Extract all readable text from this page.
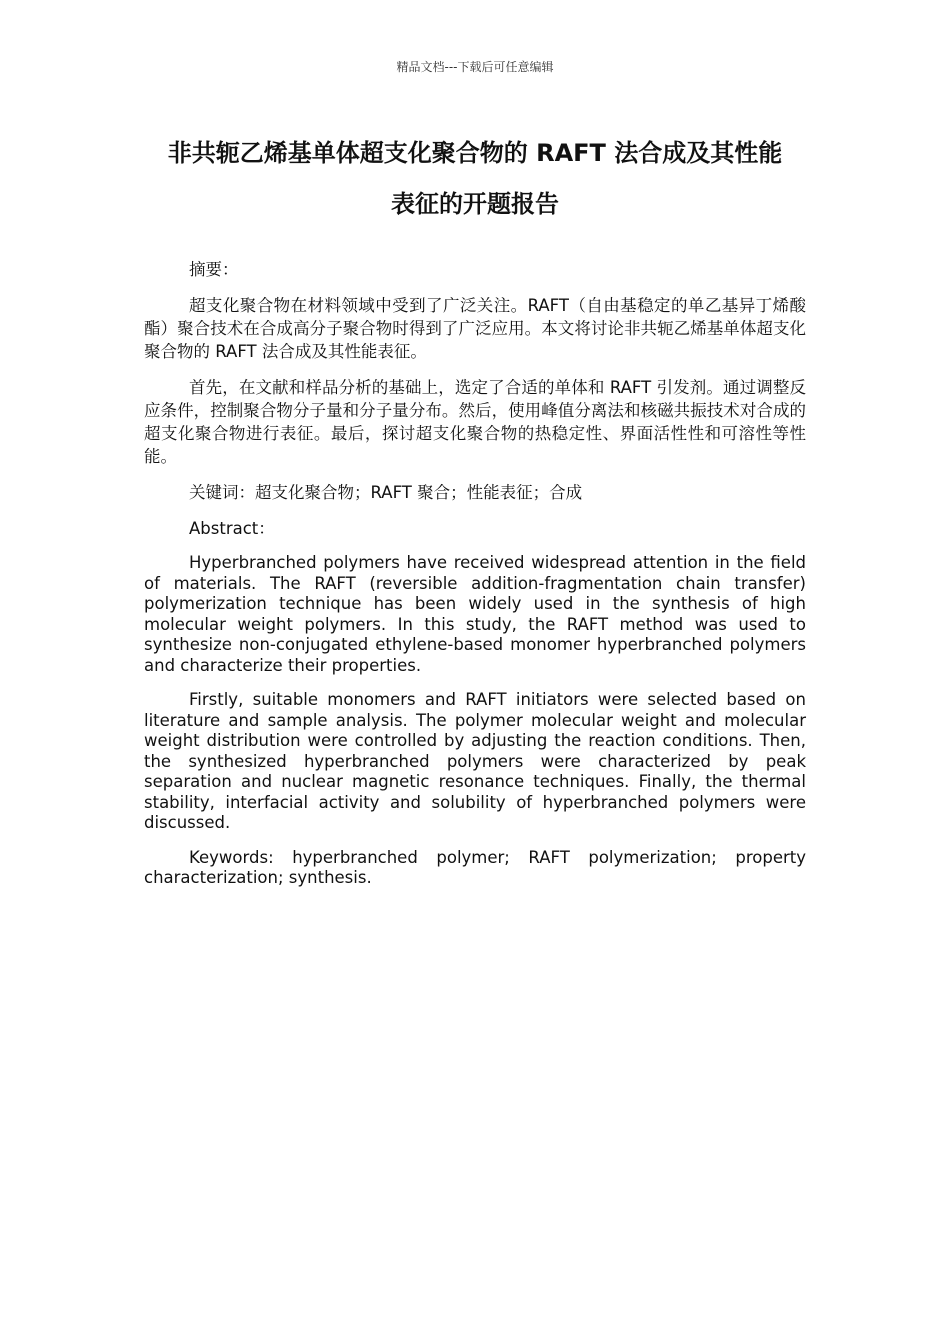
精品文档---下载后可任意编辑
非共轭乙烯基单体超支化聚合物的 RAFT 法合成及其性能
表征的开题报告

摘要：

超支化聚合物在材料领域中受到了广泛关注。RAFT（自由基稳定的单乙基异丁烯酸酯）聚合技术在合成高分子聚合物时得到了广泛应用。本文将讨论非共轭乙烯基单体超支化聚合物的 RAFT 法合成及其性能表征。

首先，在文献和样品分析的基础上，选定了合适的单体和 RAFT 引发剂。通过调整反应条件，控制聚合物分子量和分子量分布。然后，使用峰值分离法和核磁共振技术对合成的超支化聚合物进行表征。最后，探讨超支化聚合物的热稳定性、界面活性性和可溶性等性能。

关键词：超支化聚合物；RAFT 聚合；性能表征；合成

Abstract：

Hyperbranched polymers have received widespread attention in the field of materials. The RAFT (reversible addition-fragmentation chain transfer) polymerization technique has been widely used in the synthesis of high molecular weight polymers. In this study, the RAFT method was used to synthesize non-conjugated ethylene-based monomer hyperbranched polymers and characterize their properties.

Firstly, suitable monomers and RAFT initiators were selected based on literature and sample analysis. The polymer molecular weight and molecular weight distribution were controlled by adjusting the reaction conditions. Then, the synthesized hyperbranched polymers were characterized by peak separation and nuclear magnetic resonance techniques. Finally, the thermal stability, interfacial activity and solubility of hyperbranched polymers were discussed.

Keywords: hyperbranched polymer; RAFT polymerization; property characterization; synthesis.
